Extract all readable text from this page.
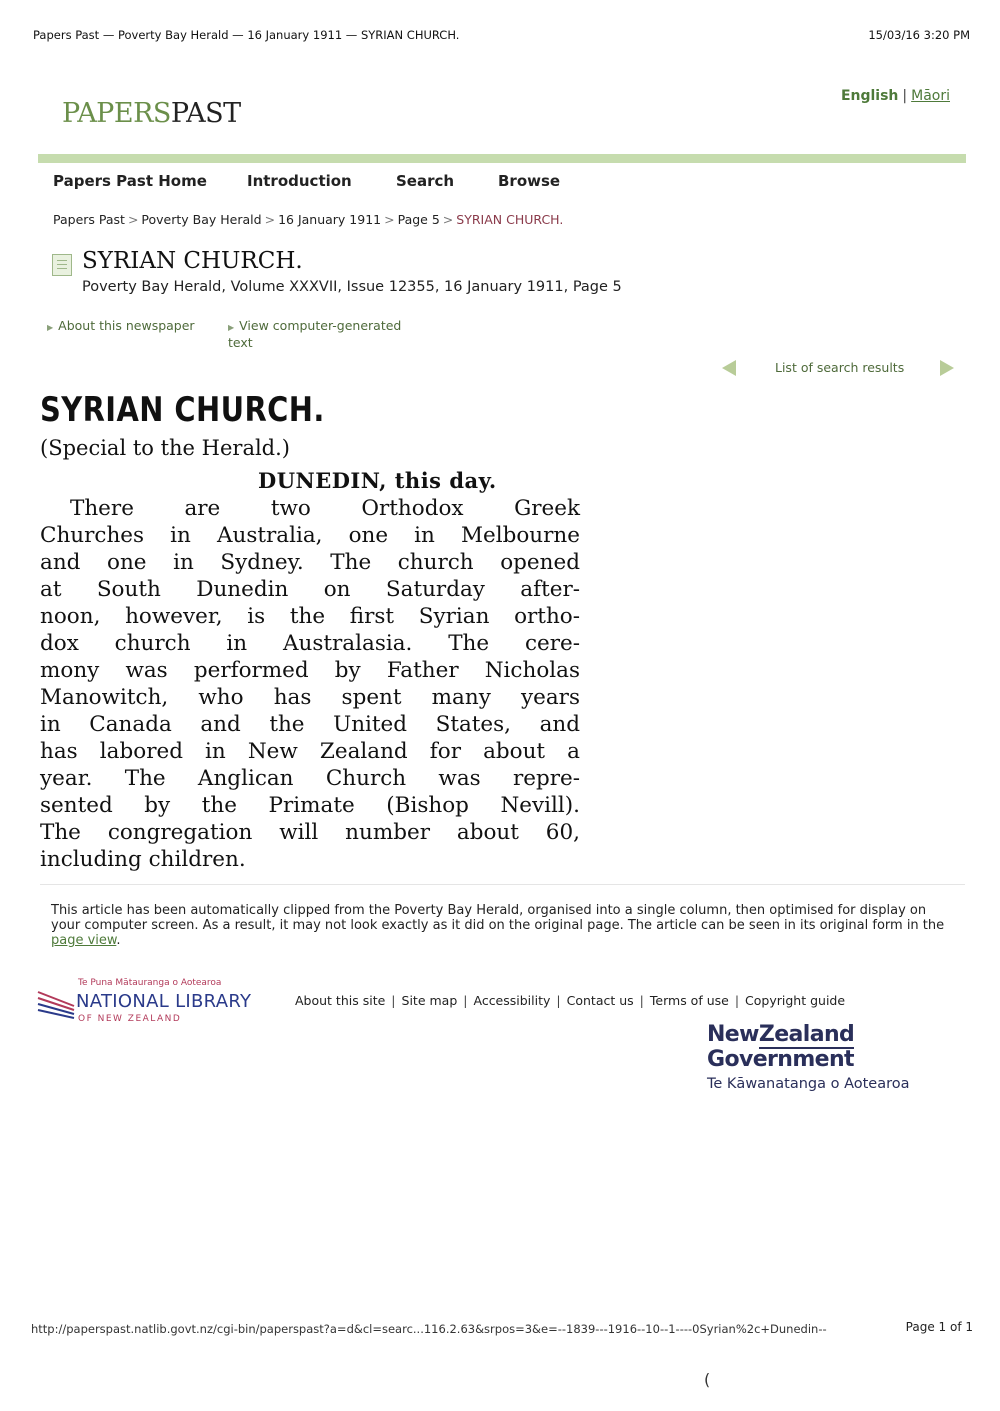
Papers Past — Poverty Bay Herald — 16 January 1911 — SYRIAN CHURCH.	15/03/16 3:20 PM
PAPERSPAST
English | Māori
Papers Past Home	Introduction	Search	Browse
Papers Past > Poverty Bay Herald > 16 January 1911 > Page 5 > SYRIAN CHURCH.
SYRIAN CHURCH.
Poverty Bay Herald, Volume XXXVII, Issue 12355, 16 January 1911, Page 5
▶ About this newspaper	▶ View computer-generated
text
List of search results
SYRIAN CHURCH.
(Special to the Herald.)
DUNEDIN, this day.
There are two Orthodox Greek
Churches in Australia, one in Melbourne
and one in Sydney. The church opened
at South Dunedin on Saturday after-
noon, however, is the first Syrian ortho-
dox church in Australasia. The cere-
mony was performed by Father Nicholas
Manowitch, who has spent many years
in Canada and the United States, and
has labored in New Zealand for about a
year. The Anglican Church was repre-
sented by the Primate (Bishop Nevill).
The congregation will number about 60,
including children.
This article has been automatically clipped from the Poverty Bay Herald, organised into a single column, then optimised for display on your computer screen. As a result, it may not look exactly as it did on the original page. The article can be seen in its original form in the page view.
Te Puna Mātauranga o Aotearoa
NATIONAL LIBRARY
OF NEW ZEALAND
About this site | Site map | Accessibility | Contact us | Terms of use | Copyright guide
NewZealand Government
Te Kāwanatanga o Aotearoa
http://paperspast.natlib.govt.nz/cgi-bin/paperspast?a=d&cl=searc...116.2.63&srpos=3&e=--1839---1916--10--1----0Syrian%2c+Dunedin--	Page 1 of 1
(
